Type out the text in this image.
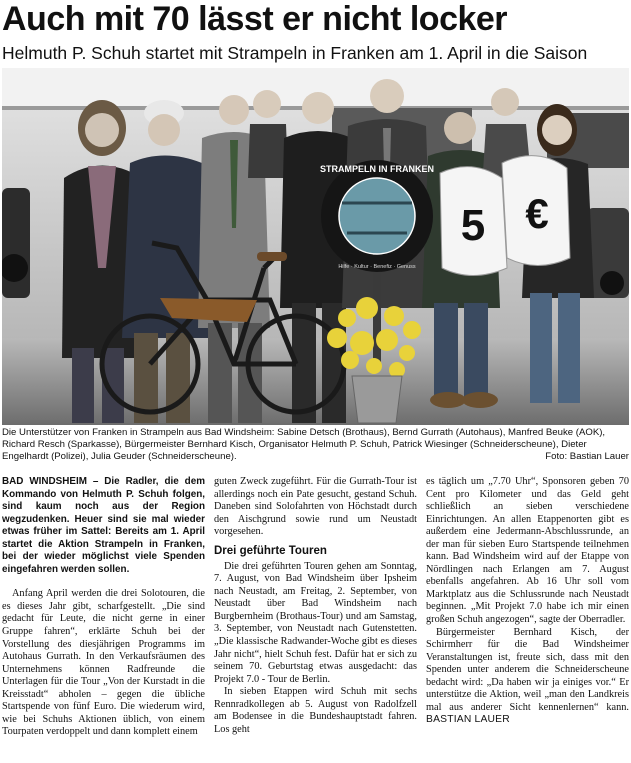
Auch mit 70 lässt er nicht locker
Helmuth P. Schuh startet mit Strampeln in Franken am 1. April in die Saison
STRAMPELN IN FRANKEN
Hilfe · Kultur · Benefiz · Genuss
5 €
Die Unterstützer von Franken in Strampeln aus Bad Windsheim: Sabine Detsch (Brothaus), Bernd Gurrath (Autohaus), Manfred Beuke (AOK), Richard Resch (Sparkasse), Bürgermeister Bernhard Kisch, Organisator Helmuth P. Schuh, Patrick Wiesinger (Schneiderscheune), Dieter Engelhardt (Polizei), Julia Geuder (Schneiderscheune).	Foto: Bastian Lauer

BAD WINDSHEIM – Die Radler, die dem Kommando von Helmuth P. Schuh folgen, sind kaum noch aus der Region wegzudenken. Heuer sind sie mal wieder etwas früher im Sattel: Bereits am 1. April startet die Aktion Strampeln in Franken, bei der wieder möglichst viele Spenden eingefahren werden sollen.

Anfang April werden die drei Solotouren, die es dieses Jahr gibt, scharfgestellt. „Die sind gedacht für Leute, die nicht gerne in einer Gruppe fahren“, erklärte Schuh bei der Vorstellung des diesjährigen Programms im Autohaus Gurrath. In den Verkaufsräumen des Unternehmens können Radfreunde die Unterlagen für die Tour „Von der Kurstadt in die Kreisstadt“ abholen – gegen die übliche Startspende von fünf Euro. Die wiederum wird, wie bei Schuhs Aktionen üblich, von einem Tourpaten verdoppelt und dann komplett einem

guten Zweck zugeführt. Für die Gurrath-Tour ist allerdings noch ein Pate gesucht, gestand Schuh. Daneben sind Solofahrten von Höchstadt durch den Aischgrund sowie rund um Neustadt vorgesehen.

Drei geführte Touren

Die drei geführten Touren gehen am Sonntag, 7. August, von Bad Windsheim über Ipsheim nach Neustadt, am Freitag, 2. September, von Neustadt über Bad Windsheim nach Burgbernheim (Brothaus-Tour) und am Samstag, 3. September, von Neustadt nach Gutenstetten. „Die klassische Radwander-Woche gibt es dieses Jahr nicht“, hielt Schuh fest. Dafür hat er sich zu seinem 70. Geburtstag etwas ausgedacht: das Projekt 7.0 - Tour de Berlin.

In sieben Etappen wird Schuh mit sechs Rennradkollegen ab 5. August von Radolfzell am Bodensee in die Bundeshauptstadt fahren. Los geht

es täglich um „7.70 Uhr“, Sponsoren geben 70 Cent pro Kilometer und das Geld geht schließlich an sieben verschiedene Einrichtungen. An allen Etappenorten gibt es außerdem eine Jedermann-Abschlussrunde, an der man für sieben Euro Startspende teilnehmen kann. Bad Windsheim wird auf der Etappe von Nördlingen nach Erlangen am 7. August ebenfalls angefahren. Ab 16 Uhr soll vom Marktplatz aus die Schlussrunde nach Neustadt beginnen. „Mit Projekt 7.0 habe ich mir einen großen Schuh angezogen“, sagte der Oberradler.

Bürgermeister Bernhard Kisch, der Schirmherr für die Bad Windsheimer Veranstaltungen ist, freute sich, dass mit den Spenden unter anderem die Schneiderscheune bedacht wird: „Da haben wir ja einiges vor.“ Er unterstütze die Aktion, weil „man den Landkreis mal aus anderer Sicht kennenlernen“ kann. BASTIAN LAUER
